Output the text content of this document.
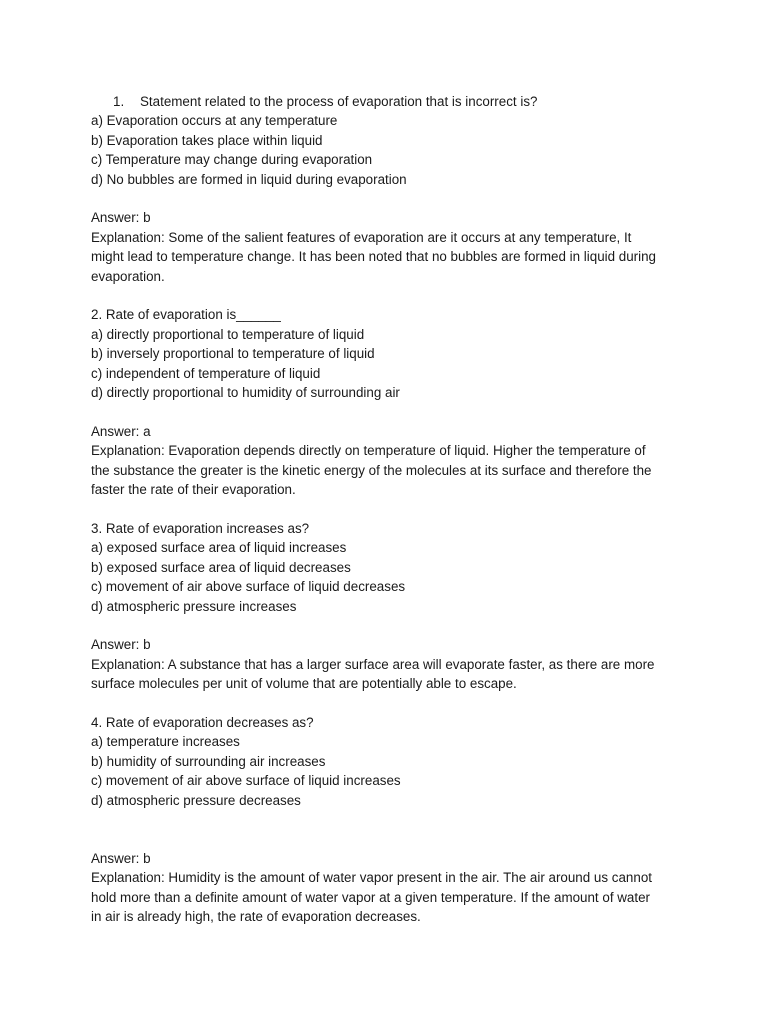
1.	Statement related to the process of evaporation that is incorrect is?
a) Evaporation occurs at any temperature
b) Evaporation takes place within liquid
c) Temperature may change during evaporation
d) No bubbles are formed in liquid during evaporation
Answer: b
Explanation: Some of the salient features of evaporation are it occurs at any temperature, It
might lead to temperature change. It has been noted that no bubbles are formed in liquid during
evaporation.
2. Rate of evaporation is______
a) directly proportional to temperature of liquid
b) inversely proportional to temperature of liquid
c) independent of temperature of liquid
d) directly proportional to humidity of surrounding air
Answer: a
Explanation: Evaporation depends directly on temperature of liquid. Higher the temperature of
the substance the greater is the kinetic energy of the molecules at its surface and therefore the
faster the rate of their evaporation.
3. Rate of evaporation increases as?
a) exposed surface area of liquid increases
b) exposed surface area of liquid decreases
c) movement of air above surface of liquid decreases
d) atmospheric pressure increases
Answer: b
Explanation: A substance that has a larger surface area will evaporate faster, as there are more
surface molecules per unit of volume that are potentially able to escape.
4. Rate of evaporation decreases as?
a) temperature increases
b) humidity of surrounding air increases
c) movement of air above surface of liquid increases
d) atmospheric pressure decreases
Answer: b
Explanation: Humidity is the amount of water vapor present in the air. The air around us cannot
hold more than a definite amount of water vapor at a given temperature. If the amount of water
in air is already high, the rate of evaporation decreases.
